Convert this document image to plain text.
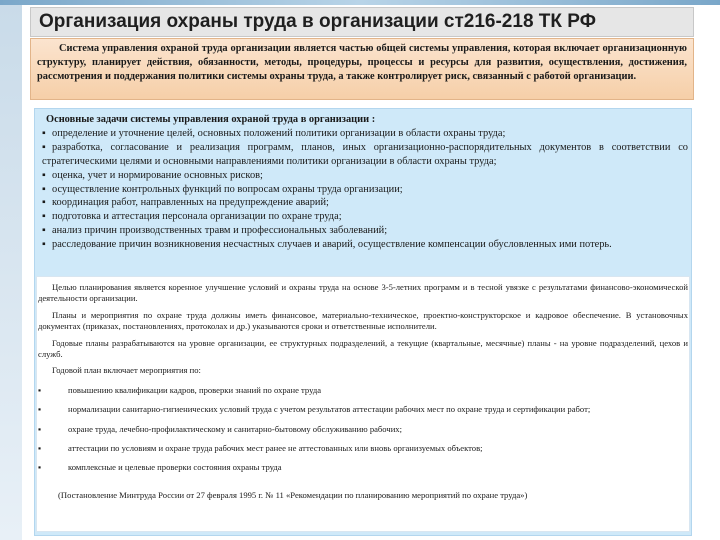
Организация охраны труда в организации ст216-218 ТК РФ
Система управления охраной труда организации является частью общей системы управления, которая включает организационную структуру, планирует действия, обязанности, методы, процедуры, процессы и ресурсы для развития, осуществления, достижения, рассмотрения и поддержания политики системы охраны труда, а также контролирует риск, связанный с работой организации.
Основные задачи системы управления охраной труда в организации :
▪ определение и уточнение целей, основных положений политики организации в области охраны труда;
▪ разработка, согласование и реализация программ, планов, иных организационно-распорядительных документов в соответствии со стратегическими целями и основными направлениями политики организации в области охраны труда;
▪ оценка, учет и нормирование основных рисков;
▪ осуществление контрольных функций по вопросам охраны труда организации;
▪ координация работ, направленных на предупреждение аварий;
▪ подготовка и аттестация персонала организации по охране труда;
▪ анализ причин производственных травм и профессиональных заболеваний;
▪ расследование причин возникновения несчастных случаев и аварий, осуществление компенсации обусловленных ими потерь.

Целью планирования является коренное улучшение условий и охраны труда на основе 3-5-летних программ и в тесной увязке с результатами финансово-экономической деятельности организации.

Планы и мероприятия по охране труда должны иметь финансовое, материально-техническое, проектно-конструкторское и кадровое обеспечение. В установочных документах (приказах, постановлениях, протоколах и др.) указываются сроки и ответственные исполнители.

Годовые планы разрабатываются на уровне организации, ее структурных подразделений, а текущие (квартальные, месячные) планы - на уровне подразделений, цехов и служб.

Годовой план включает мероприятия по:

▪	повышению квалификации кадров, проверки знаний по охране труда
▪	нормализации санитарно-гигиенических условий труда с учетом результатов аттестации рабочих мест по охране труда и сертификации работ;
▪	охране труда, лечебно-профилактическому и санитарно-бытовому обслуживанию рабочих;
▪	аттестации по условиям и охране труда рабочих мест ранее не аттестованных или вновь организуемых объектов;
▪	комплексные и целевые проверки состояния охраны труда

(Постановление Минтруда России от 27 февраля 1995 г. № 11 «Рекомендации по планированию мероприятий по охране труда»)
